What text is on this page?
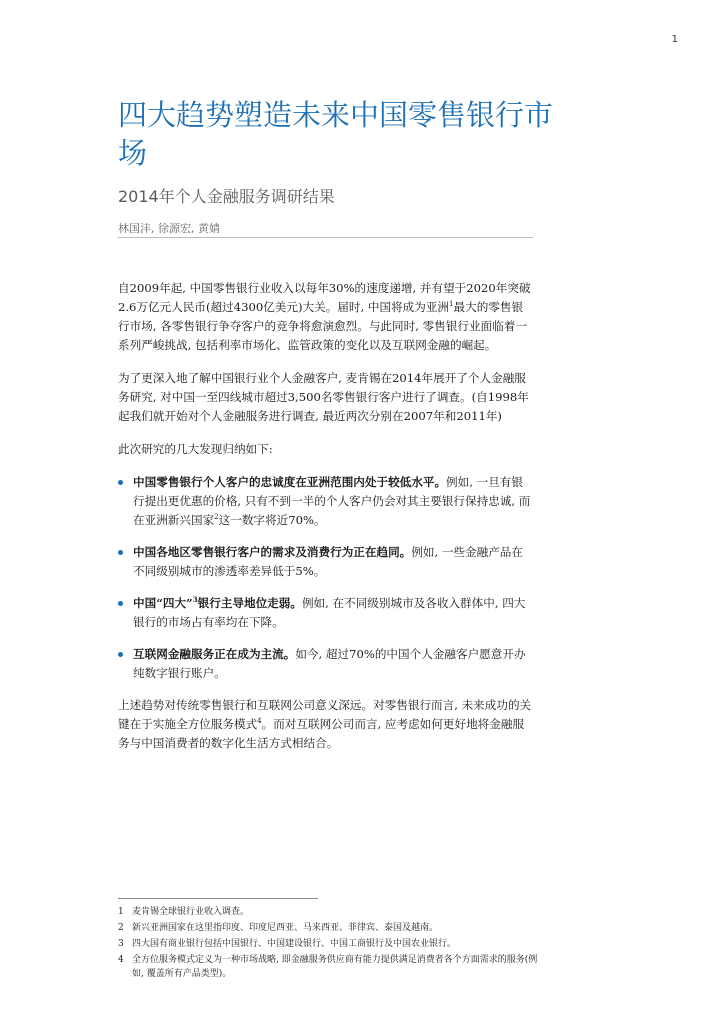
1
四大趋势塑造未来中国零售银行市场
2014年个人金融服务调研结果
林国沣, 徐源宏, 黄婧

自2009年起, 中国零售银行业收入以每年30%的速度递增, 并有望于2020年突破2.6万亿元人民币(超过4300亿美元)大关。届时, 中国将成为亚洲$^1$最大的零售银行市场, 各零售银行争夺客户的竞争将愈演愈烈。与此同时, 零售银行业面临着一系列严峻挑战, 包括利率市场化、监管政策的变化以及互联网金融的崛起。

为了更深入地了解中国银行业个人金融客户, 麦肯锡在2014年展开了个人金融服务研究, 对中国一至四线城市超过3,500名零售银行客户进行了调查。(自1998年起我们就开始对个人金融服务进行调查, 最近两次分别在2007年和2011年)

此次研究的几大发现归纳如下:

中国零售银行个人客户的忠诚度在亚洲范围内处于较低水平。例如, 一旦有银行提出更优惠的价格, 只有不到一半的个人客户仍会对其主要银行保持忠诚, 而在亚洲新兴国家$^2$这一数字将近70%。
中国各地区零售银行客户的需求及消费行为正在趋同。例如, 一些金融产品在不同级别城市的渗透率差异低于5%。
中国“四大”$^3$银行主导地位走弱。例如, 在不同级别城市及各收入群体中, 四大银行的市场占有率均在下降。
互联网金融服务正在成为主流。如今, 超过70%的中国个人金融客户愿意开办纯数字银行账户。

上述趋势对传统零售银行和互联网公司意义深远。对零售银行而言, 未来成功的关键在于实施全方位服务模式$^4$。而对互联网公司而言, 应考虑如何更好地将金融服务与中国消费者的数字化生活方式相结合。

1 麦肯锡全球银行业收入调查。
2 新兴亚洲国家在这里指印度、印度尼西亚、马来西亚、菲律宾、泰国及越南。
3 四大国有商业银行包括中国银行、中国建设银行、中国工商银行及中国农业银行。
4 全方位服务模式定义为一种市场战略, 即金融服务供应商有能力提供满足消费者各个方面需求的服务(例如, 覆盖所有产品类型)。
